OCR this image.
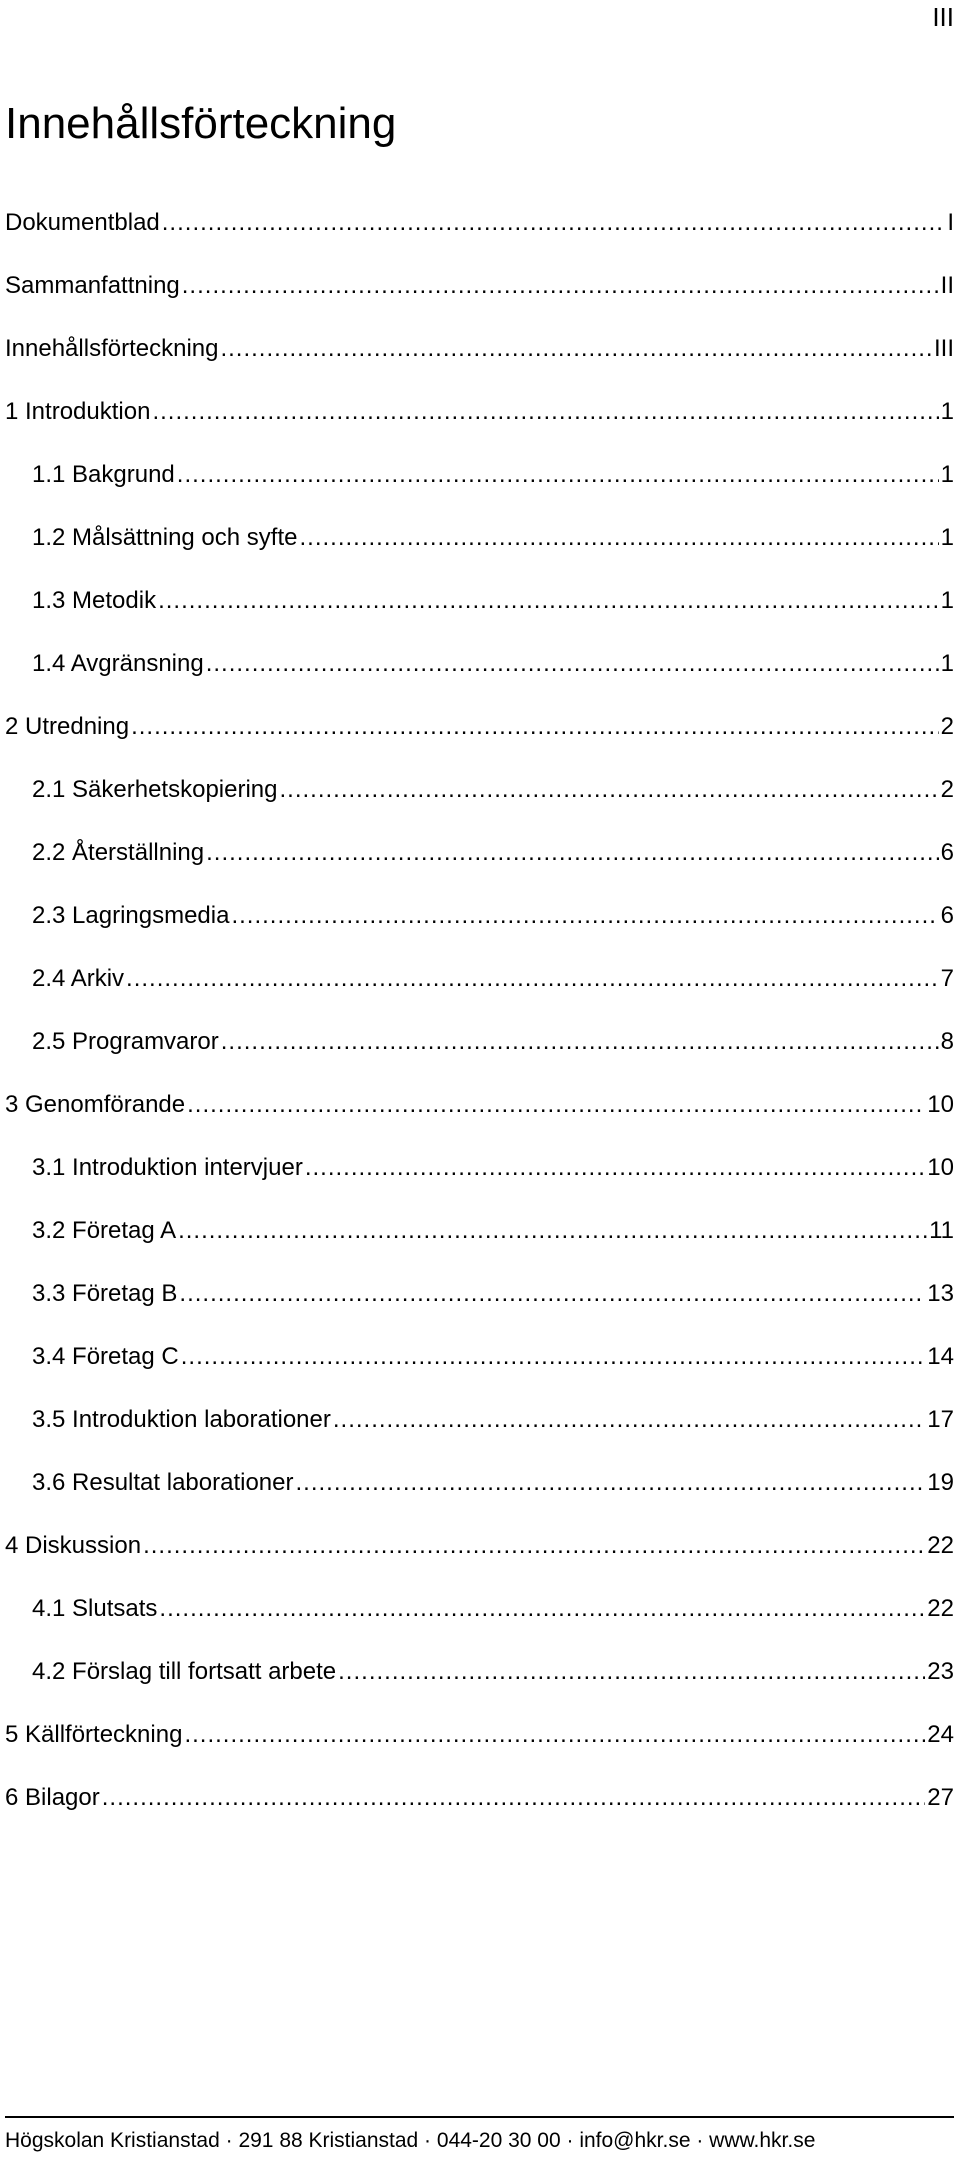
III
Innehållsförteckning
Dokumentblad .....	I
Sammanfattning .....	II
Innehållsförteckning .....	III
1 Introduktion .....	1
1.1 Bakgrund .....	1
1.2 Målsättning och syfte .....	1
1.3 Metodik .....	1
1.4 Avgränsning .....	1
2 Utredning .....	2
2.1 Säkerhetskopiering .....	2
2.2 Återställning .....	6
2.3 Lagringsmedia .....	6
2.4 Arkiv .....	7
2.5 Programvaror .....	8
3 Genomförande .....	10
3.1 Introduktion intervjuer .....	10
3.2 Företag A .....	11
3.3 Företag B .....	13
3.4 Företag C .....	14
3.5 Introduktion laborationer .....	17
3.6 Resultat laborationer .....	19
4 Diskussion .....	22
4.1 Slutsats .....	22
4.2 Förslag till fortsatt arbete .....	23
5 Källförteckning .....	24
6 Bilagor .....	27
Högskolan Kristianstad · 291 88 Kristianstad · 044-20 30 00 · info@hkr.se · www.hkr.se
